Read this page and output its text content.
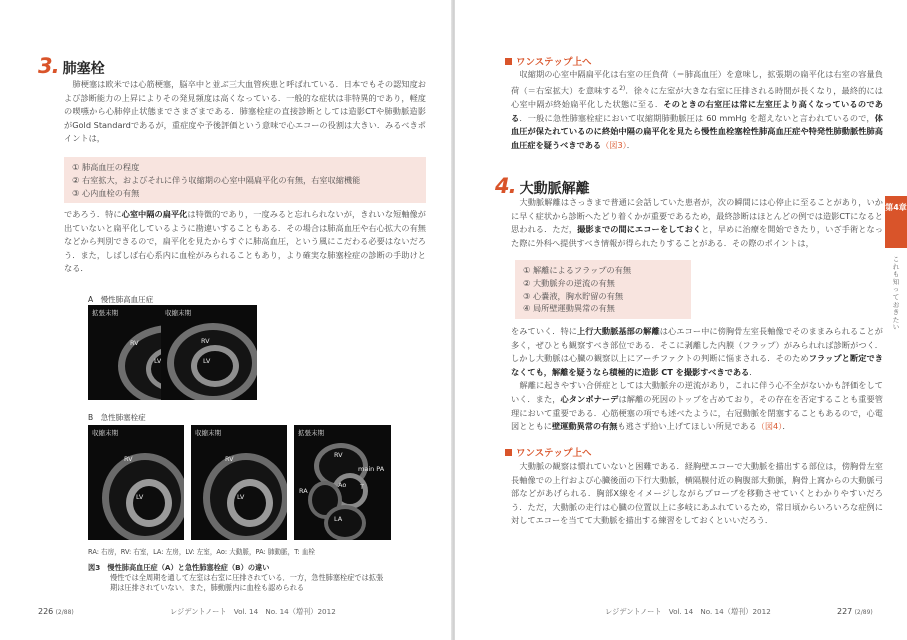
3. 肺塞栓

肺梗塞は欧米では心筋梗塞，脳卒中と並ぶ三大血管疾患と呼ばれている．日本でもその認知度および診断能力の上昇によりその発見頻度は高くなっている．一般的な症状は非特異的であり，軽度の喫嚥から心肺停止状態までさまざまである．肺塞栓症の直接診断としては造影CTや肺動脈造影がGold Standardであるが，重症度や予後評価という意味で心エコーの役割は大きい．みるべきポイントは，

① 肺高血圧の程度
② 右室拡大，およびそれに伴う収縮期の心室中隔扁平化の有無，右室収縮機能
③ 心内血栓の有無

であろう．特に心室中隔の扁平化は特徴的であり，一度みると忘れられないが，きれいな短軸像が出ていないと扁平化しているように勘違いすることもある．その場合は肺高血圧や右心拡大の有無などから判別できるので，扁平化を見たからすぐに肺高血圧，という風にこだわる必要はないだろう．また，しばしば右心系内に血栓がみられることもあり，より確実な肺塞栓症の診断の手助けとなる．

A　慢性肺高血圧症
拡張末期
RV
LV
収縮末期
RV
LV
B　急性肺塞栓症
収縮末期
RV
LV
収縮末期
RV
LV
拡張末期
RV
main PA
Ao
RA
LA
T
RA: 右房，RV: 右室，LA: 左房，LV: 左室，Ao: 大動脈，PA: 肺動脈，T: 血栓
図3　 慢性肺高血圧症（A）と急性肺塞栓症（B）の違い
慢性では全周期を通して左室は右室に圧排されている．一方，急性肺塞栓症では拡張期は圧排されていない．また，肺動脈内に血栓も認められる
226 (2/88)	レジデントノート　Vol. 14　No. 14（増刊）2012
ワンステップ上へ

収縮期の心室中隔扁平化は右室の圧負荷（＝肺高血圧）を意味し，拡張期の扁平化は右室の容量負荷（＝右室拡大）を意味する$^{2)}$．徐々に左室が大きな右室に圧排される時間が長くなり，最終的には心室中隔が終始扁平化した状態に至る．そのときの右室圧は常に左室圧より高くなっているのである．一般に急性肺塞栓症において収縮期肺動脈圧は 60 mmHg を超えないと言われているので，体血圧が保たれているのに終始中隔の扁平化を見たら慢性血栓塞栓性肺高血圧症や特発性肺動脈性肺高血圧症を疑うべきである（図3）．

4. 大動脈解離

大動脈解離はさっきまで普通に会話していた患者が，次の瞬間には心停止に至ることがあり，いかに早く症状から診断へたどり着くかが重要であるため，最終診断はほとんどの例では造影CTになると思われる．ただ，撮影までの間にエコーをしておくと，早めに治療を開始できたり，いざ手術となった際に外科へ提供すべき情報が得られたりすることがある．その際のポイントは，

① 解離によるフラップの有無
② 大動脈弁の逆流の有無
③ 心嚢液，胸水貯留の有無
④ 局所壁運動異常の有無

をみていく．特に上行大動脈基部の解離は心エコー中に傍胸骨左室長軸像でそのままみられることが多く，ぜひとも観察すべき部位である．そこに剥離した内膜（フラップ）がみられれば診断がつく．しかし大動脈は心臓の観察以上にアーチファクトの判断に悩まされる．そのためフラップと断定できなくても，解離を疑うなら積極的に造影 CT を撮影すべきである．

解離に起きやすい合併症としては大動脈弁の逆流があり，これに伴う心不全がないかも評価をしていく．また，心タンポナーデは解離の死因のトップを占めており，その存在を否定することも重要管理において重要である．心筋梗塞の項でも述べたように，右冠動脈を閉塞することもあるので，心電図とともに壁運動異常の有無も逃さず拾い上げてほしい所見である（図4）．

ワンステップ上へ

大動脈の観察は慣れていないと困難である．経胸壁エコーで大動脈を描出する部位は，傍胸骨左室長軸像での上行および心臓後面の下行大動脈，横隔膜付近の胸腹部大動脈，胸骨上窩からの大動脈弓部などがあげられる．胸部X線をイメージしながらプローブを移動させていくとわかりやすいだろう．ただ，大動脈の走行は心臓の位置以上に多岐にあふれているため，常日頃からいろいろな症例に対してエコーを当てて大動脈を描出する練習をしておくといいだろう．

レジデントノート　Vol. 14　No. 14（増刊）2012	227 (2/89)
第4章
これも知っておきたい
